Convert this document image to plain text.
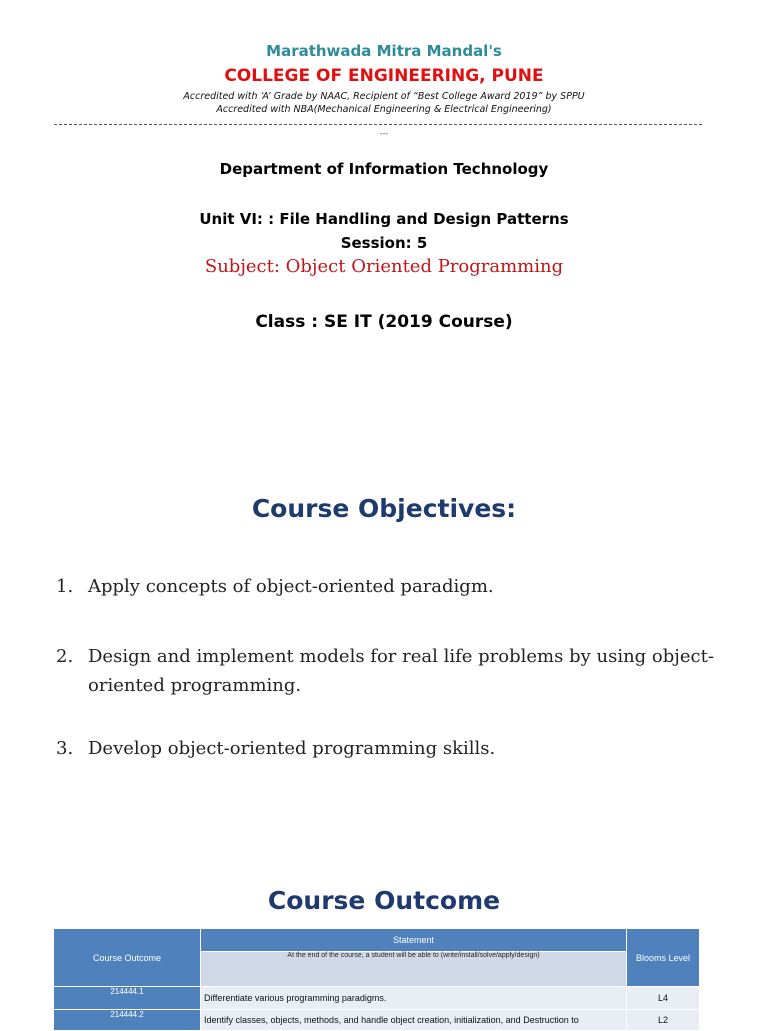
Marathwada Mitra Mandal's
COLLEGE OF ENGINEERING, PUNE
Accredited with ‘A’ Grade by NAAC, Recipient of “Best College Award 2019” by SPPU
Accredited with NBA(Mechanical Engineering & Electrical Engineering)
---
Department of Information Technology
Unit VI: : File Handling and Design Patterns
Session: 5
Subject: Object Oriented Programming
Class : SE IT (2019 Course)
Course Objectives:
1. Apply concepts of object-oriented paradigm.
2. Design and implement models for real life problems by using object- oriented programming.
3. Develop object-oriented programming skills.
Course Outcome
Course Outcome	Statement	Blooms Level
	At the end of the course, a student will be able to (write/install/solve/apply/design)	
214444.1	Differentiate various programming paradigms.	L4
214444.2	Identify classes, objects, methods, and handle object creation, initialization, and Destruction to	L2
